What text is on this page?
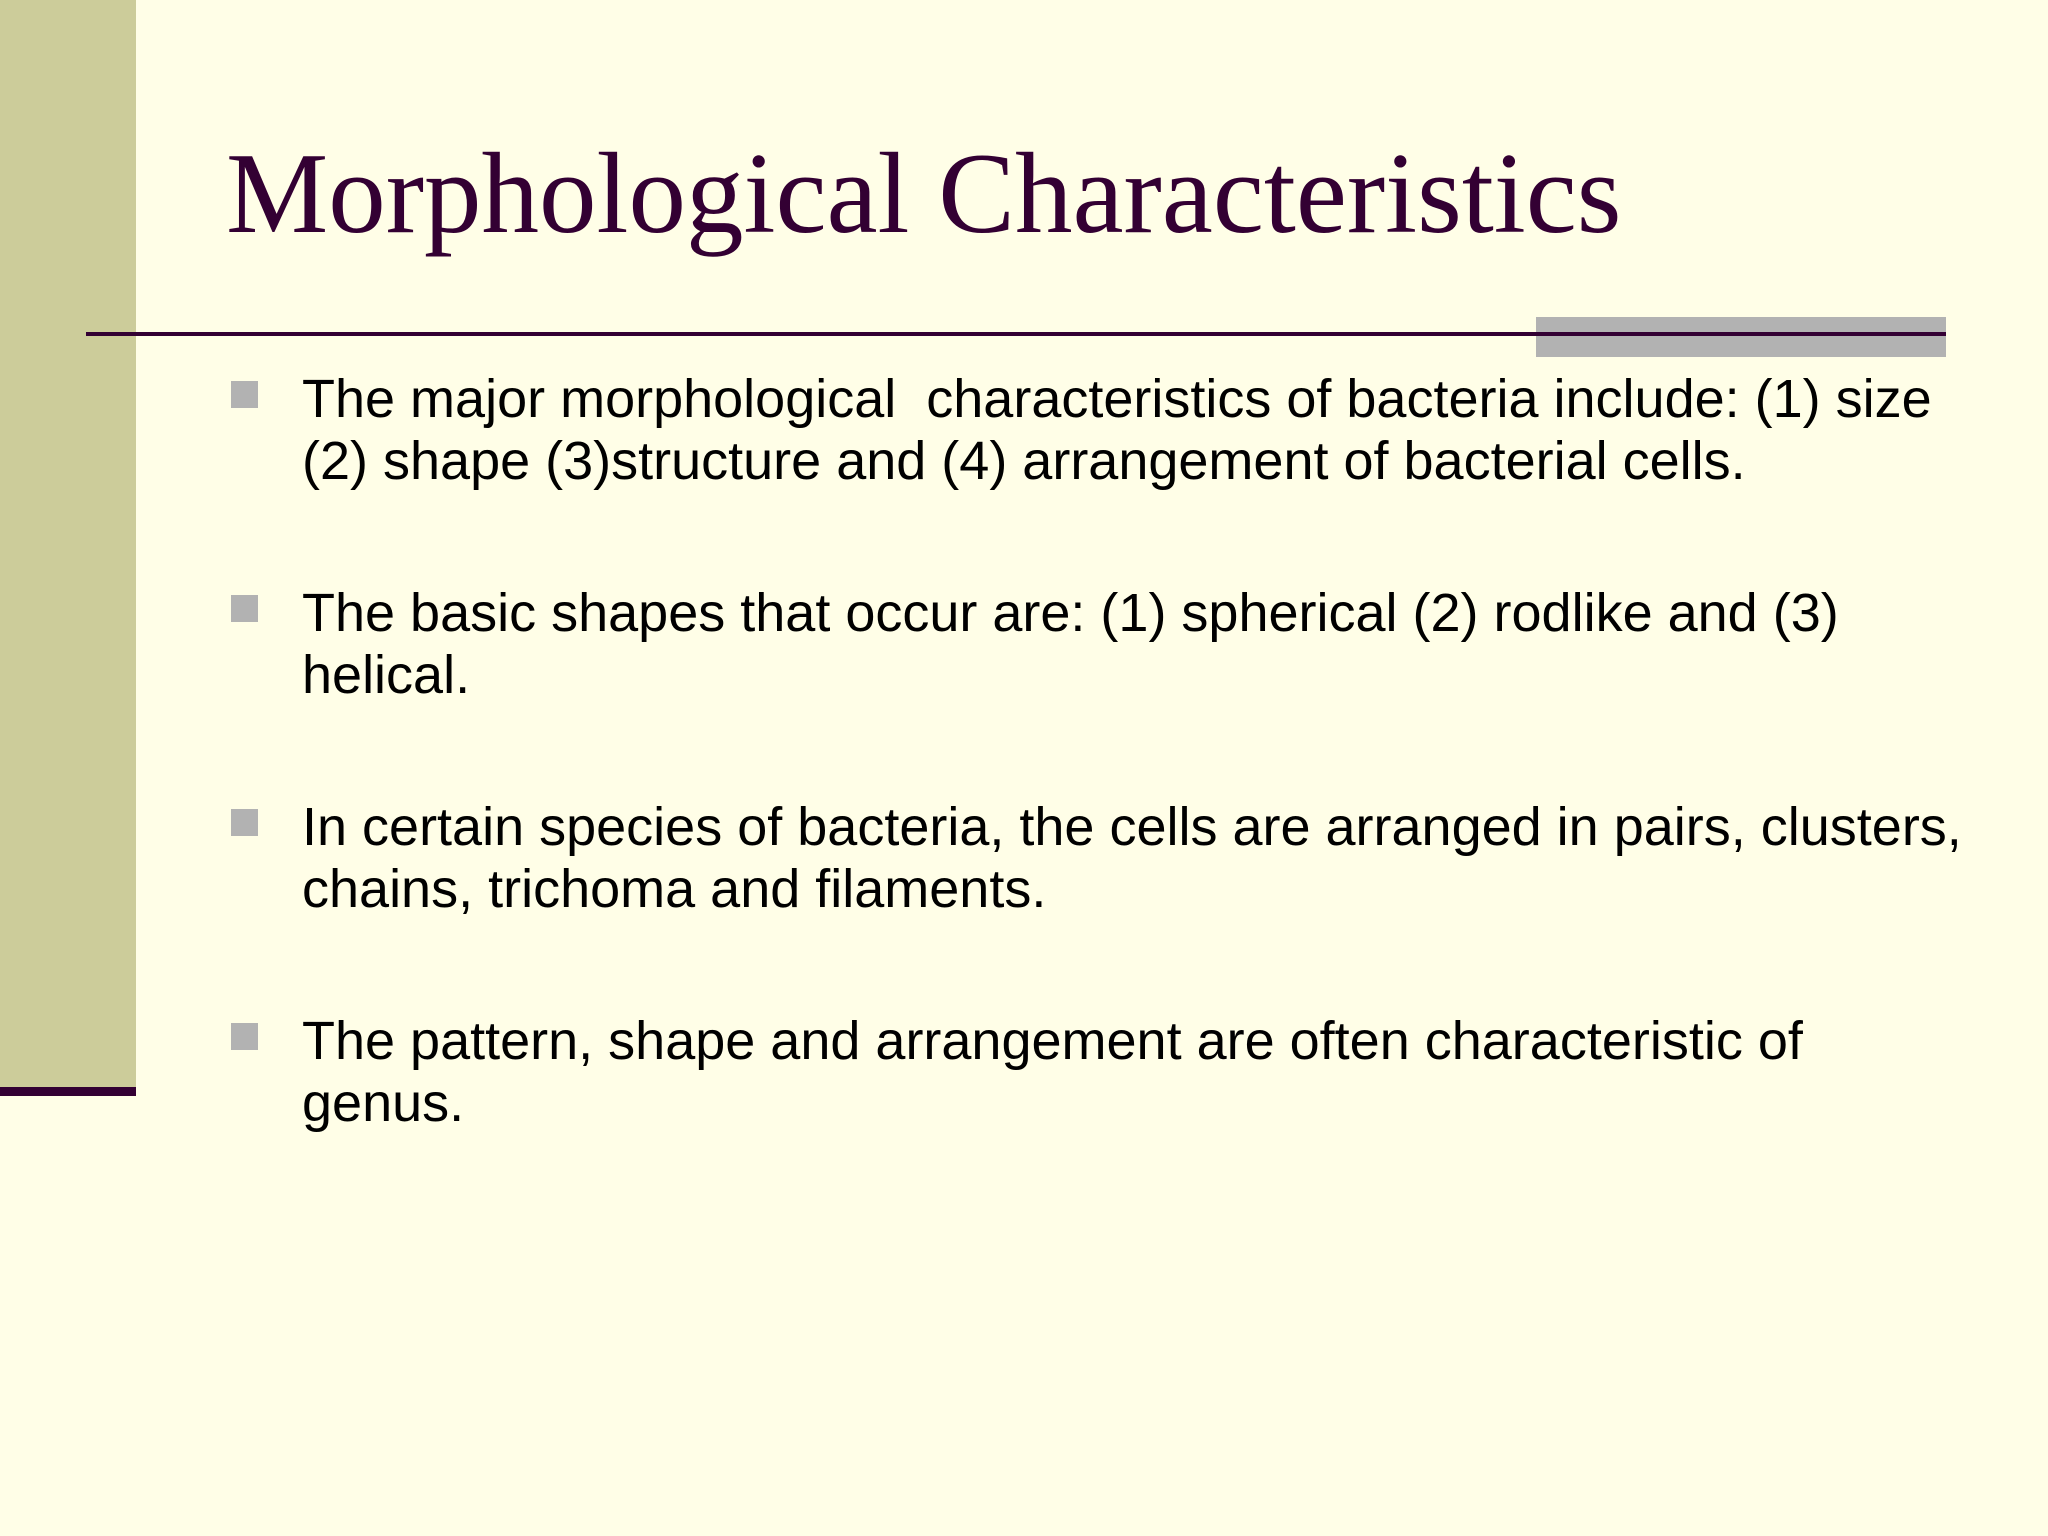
Morphological Characteristics
The major morphological  characteristics of bacteria include: (1) size (2) shape (3)structure and (4) arrangement of bacterial cells.
The basic shapes that occur are: (1) spherical (2) rodlike and (3) helical.
In certain species of bacteria, the cells are arranged in pairs, clusters, chains, trichoma and filaments.
The pattern, shape and arrangement are often characteristic of genus.
